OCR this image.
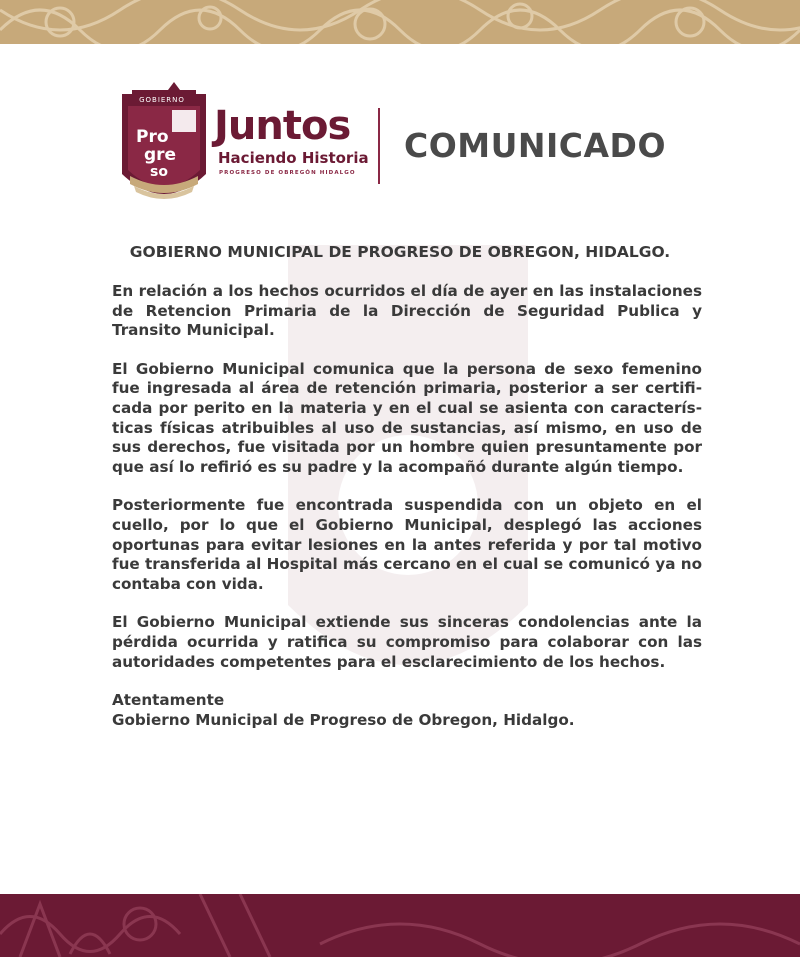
Pro
gre
so
GOBIERNO
Juntos
Haciendo Historia
PROGRESO DE OBREGÓN HIDALGO
COMUNICADO
GOBIERNO MUNICIPAL DE PROGRESO DE OBREGON, HIDALGO.

En relación a los hechos ocurridos el día de ayer en las instalaciones de Retencion Primaria de la Dirección de Seguridad Publica y Transito Municipal.

El Gobierno Municipal comunica que la persona de sexo femenino fue ingresada al área de retención primaria, posterior a ser certificada por perito en la materia y en el cual se asienta con características físicas atribuibles al uso de sustancias, así mismo, en uso de sus derechos, fue visitada por un hombre quien presuntamente por que así lo refirió es su padre y la acompañó durante algún tiempo.

Posteriormente fue encontrada suspendida con un objeto en el cuello, por lo que el Gobierno Municipal, desplegó las acciones oportunas para evitar lesiones en la antes referida y por tal motivo fue transferida al Hospital más cercano en el cual se comunicó ya no contaba con vida.

El Gobierno Municipal extiende sus sinceras condolencias ante la pérdida ocurrida y ratifica su compromiso para colaborar con las autoridades competentes para el esclarecimiento de los hechos.

Atentamente

Gobierno Municipal de Progreso de Obregon, Hidalgo.
